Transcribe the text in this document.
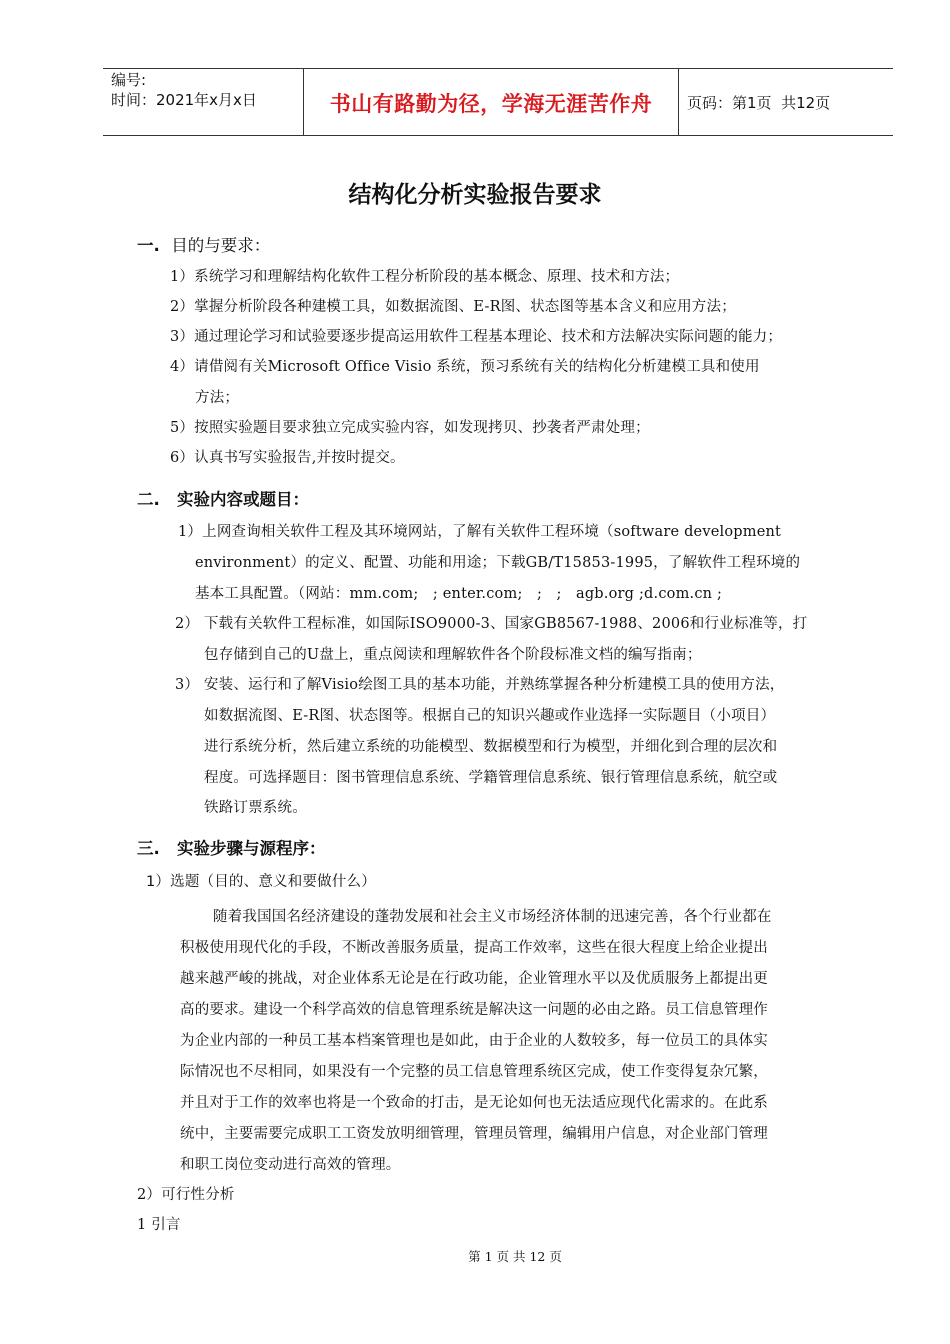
编号:
时间：2021年x月x日	书山有路勤为径，学海无涯苦作舟	页码：第1页  共12页
结构化分析实验报告要求
一. 目的与要求：
1）系统学习和理解结构化软件工程分析阶段的基本概念、原理、技术和方法；
2）掌握分析阶段各种建模工具，如数据流图、E-R图、状态图等基本含义和应用方法；
3）通过理论学习和试验要逐步提高运用软件工程基本理论、技术和方法解决实际问题的能力；
4）请借阅有关Microsoft Office Visio 系统，预习系统有关的结构化分析建模工具和使用
方法；
5）按照实验题目要求独立完成实验内容，如发现拷贝、抄袭者严肃处理；
6）认真书写实验报告,并按时提交。
二. 实验内容或题目：
1）上网查询相关软件工程及其环境网站，了解有关软件工程环境（software development
environment）的定义、配置、功能和用途；下载GB/T15853-1995，了解软件工程环境的
基本工具配置。（网站：mm.com;   ; enter.com;   ;   ;   agb.org ;d.com.cn ;
2） 下载有关软件工程标准，如国际ISO9000-3、国家GB8567-1988、2006和行业标准等，打
包存储到自己的U盘上，重点阅读和理解软件各个阶段标准文档的编写指南；
3） 安装、运行和了解Visio绘图工具的基本功能，并熟练掌握各种分析建模工具的使用方法，
如数据流图、E-R图、状态图等。根据自己的知识兴趣或作业选择一实际题目（小项目）
进行系统分析，然后建立系统的功能模型、数据模型和行为模型，并细化到合理的层次和
程度。可选择题目：图书管理信息系统、学籍管理信息系统、银行管理信息系统，航空或
铁路订票系统。
三. 实验步骤与源程序：
1）选题（目的、意义和要做什么）
随着我国国名经济建设的蓬勃发展和社会主义市场经济体制的迅速完善，各个行业都在
积极使用现代化的手段，不断改善服务质量，提高工作效率，这些在很大程度上给企业提出
越来越严峻的挑战，对企业体系无论是在行政功能，企业管理水平以及优质服务上都提出更
高的要求。建设一个科学高效的信息管理系统是解决这一问题的必由之路。员工信息管理作
为企业内部的一种员工基本档案管理也是如此，由于企业的人数较多，每一位员工的具体实
际情况也不尽相同，如果没有一个完整的员工信息管理系统区完成，使工作变得复杂冗繁，
并且对于工作的效率也将是一个致命的打击，是无论如何也无法适应现代化需求的。在此系
统中，主要需要完成职工工资发放明细管理，管理员管理，编辑用户信息，对企业部门管理
和职工岗位变动进行高效的管理。
2）可行性分析
1 引言
第 1 页 共 12 页
